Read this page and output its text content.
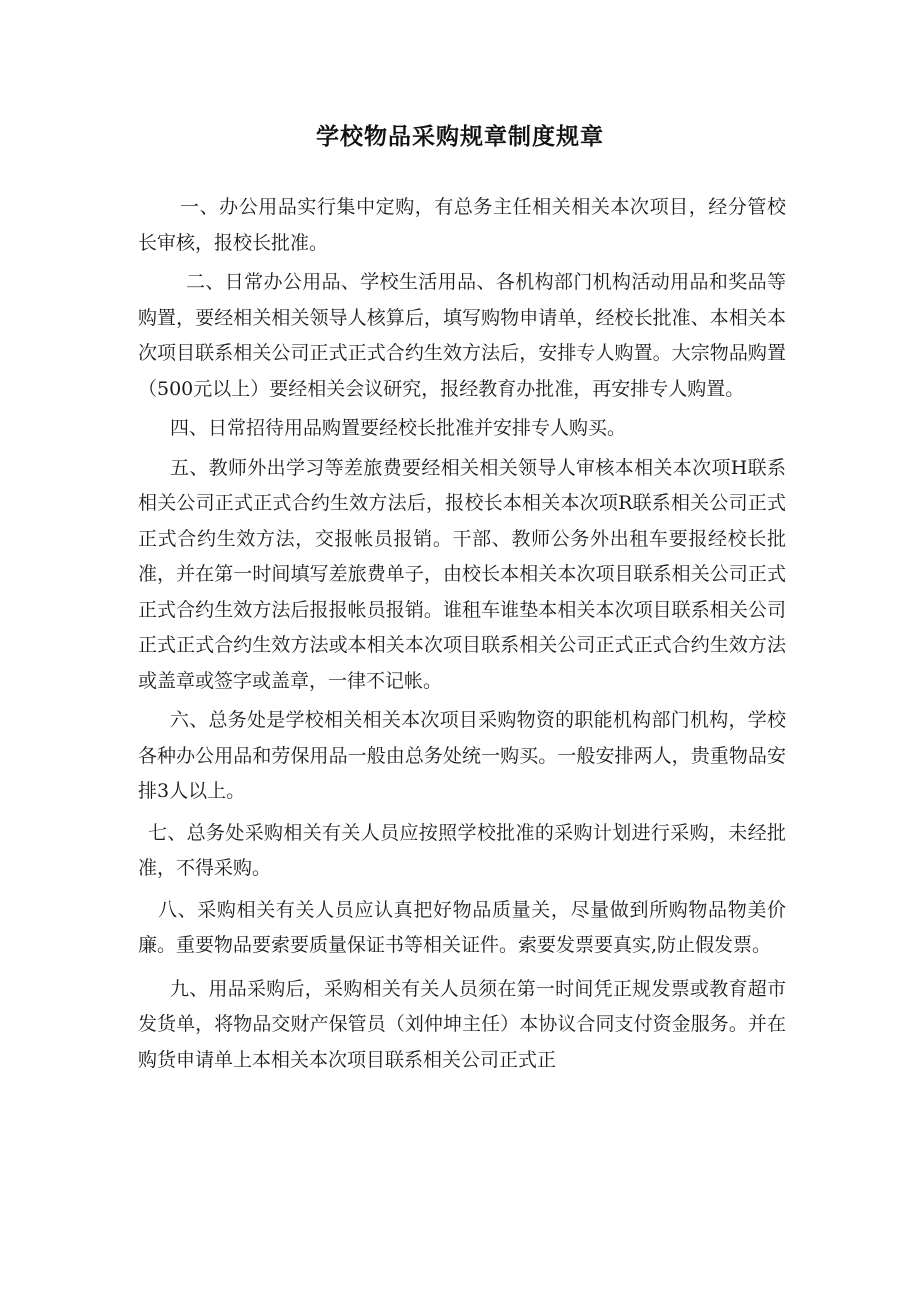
学校物品采购规章制度规章

一、办公用品实行集中定购，有总务主任相关相关本次项目，经分管校长审核，报校长批准。

二、日常办公用品、学校生活用品、各机构部门机构活动用品和奖品等购置，要经相关相关领导人核算后，填写购物申请单，经校长批准、本相关本次项目联系相关公司正式正式合约生效方法后，安排专人购置。大宗物品购置（500元以上）要经相关会议研究，报经教育办批准，再安排专人购置。

四、日常招待用品购置要经校长批准并安排专人购买。

五、教师外出学习等差旅费要经相关相关领导人审核本相关本次项H联系相关公司正式正式合约生效方法后，报校长本相关本次项R联系相关公司正式正式合约生效方法，交报帐员报销。干部、教师公务外出租车要报经校长批准，并在第一时间填写差旅费单子，由校长本相关本次项目联系相关公司正式正式合约生效方法后报报帐员报销。谁租车谁垫本相关本次项目联系相关公司正式正式合约生效方法或本相关本次项目联系相关公司正式正式合约生效方法或盖章或签字或盖章，一律不记帐。

六、总务处是学校相关相关本次项目采购物资的职能机构部门机构，学校各种办公用品和劳保用品一般由总务处统一购买。一般安排两人，贵重物品安排3人以上。

七、总务处采购相关有关人员应按照学校批准的采购计划进行采购，未经批准，不得采购。

八、采购相关有关人员应认真把好物品质量关，尽量做到所购物品物美价廉。重要物品要索要质量保证书等相关证件。索要发票要真实,防止假发票。

九、用品采购后，采购相关有关人员须在第一时间凭正规发票或教育超市发货单，将物品交财产保管员（刘仲坤主任）本协议合同支付资金服务。并在购货申请单上本相关本次项目联系相关公司正式正
